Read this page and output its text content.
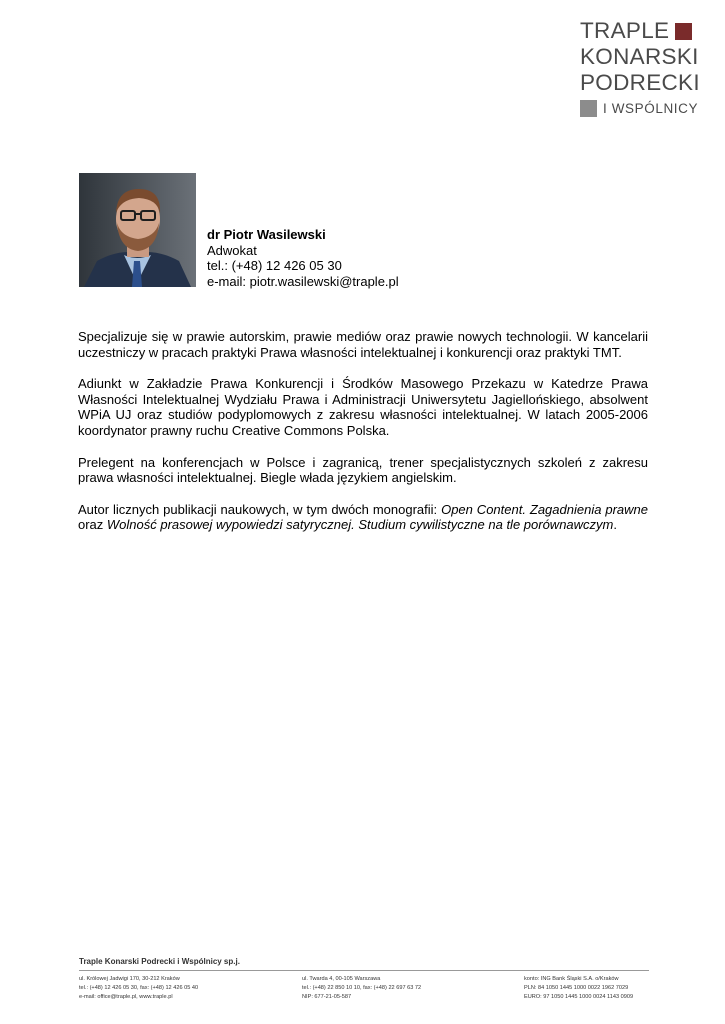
TRAPLE
KONARSKI
PODRECKI
I WSPÓLNICY
dr Piotr Wasilewski
Adwokat
tel.: (+48) 12 426 05 30
e-mail: piotr.wasilewski@traple.pl

Specjalizuje się w prawie autorskim, prawie mediów oraz prawie nowych technologii. W kancelarii uczestniczy w pracach praktyki Prawa własności intelektualnej i konkurencji oraz praktyki TMT.

Adiunkt w Zakładzie Prawa Konkurencji i Środków Masowego Przekazu w Katedrze Prawa Własności Intelektualnej Wydziału Prawa i Administracji Uniwersytetu Jagiellońskiego, absolwent WPiA UJ oraz studiów podyplomowych z zakresu własności intelektualnej. W latach 2005-2006 koordynator prawny ruchu Creative Commons Polska.

Prelegent na konferencjach w Polsce i zagranicą, trener specjalistycznych szkoleń z zakresu prawa własności intelektualnej. Biegle włada językiem angielskim.

Autor licznych publikacji naukowych, w tym dwóch monografii: Open Content. Zagadnienia prawne oraz Wolność prasowej wypowiedzi satyrycznej. Studium cywilistyczne na tle porównawczym.

Traple Konarski Podrecki i Wspólnicy sp.j.
ul. Królowej Jadwigi 170, 30-212 Kraków
tel.: (+48) 12 426 05 30, fax: (+48) 12 426 05 40
e-mail: office@traple.pl, www.traple.pl
ul. Twarda 4, 00-105 Warszawa
tel.: (+48) 22 850 10 10, fax: (+48) 22 697 63 72
NIP: 677-21-05-587
konto: ING Bank Śląski S.A. o/Kraków
PLN: 84 1050 1445 1000 0022 1962 7029
EURO: 97 1050 1445 1000 0024 1143 0909
